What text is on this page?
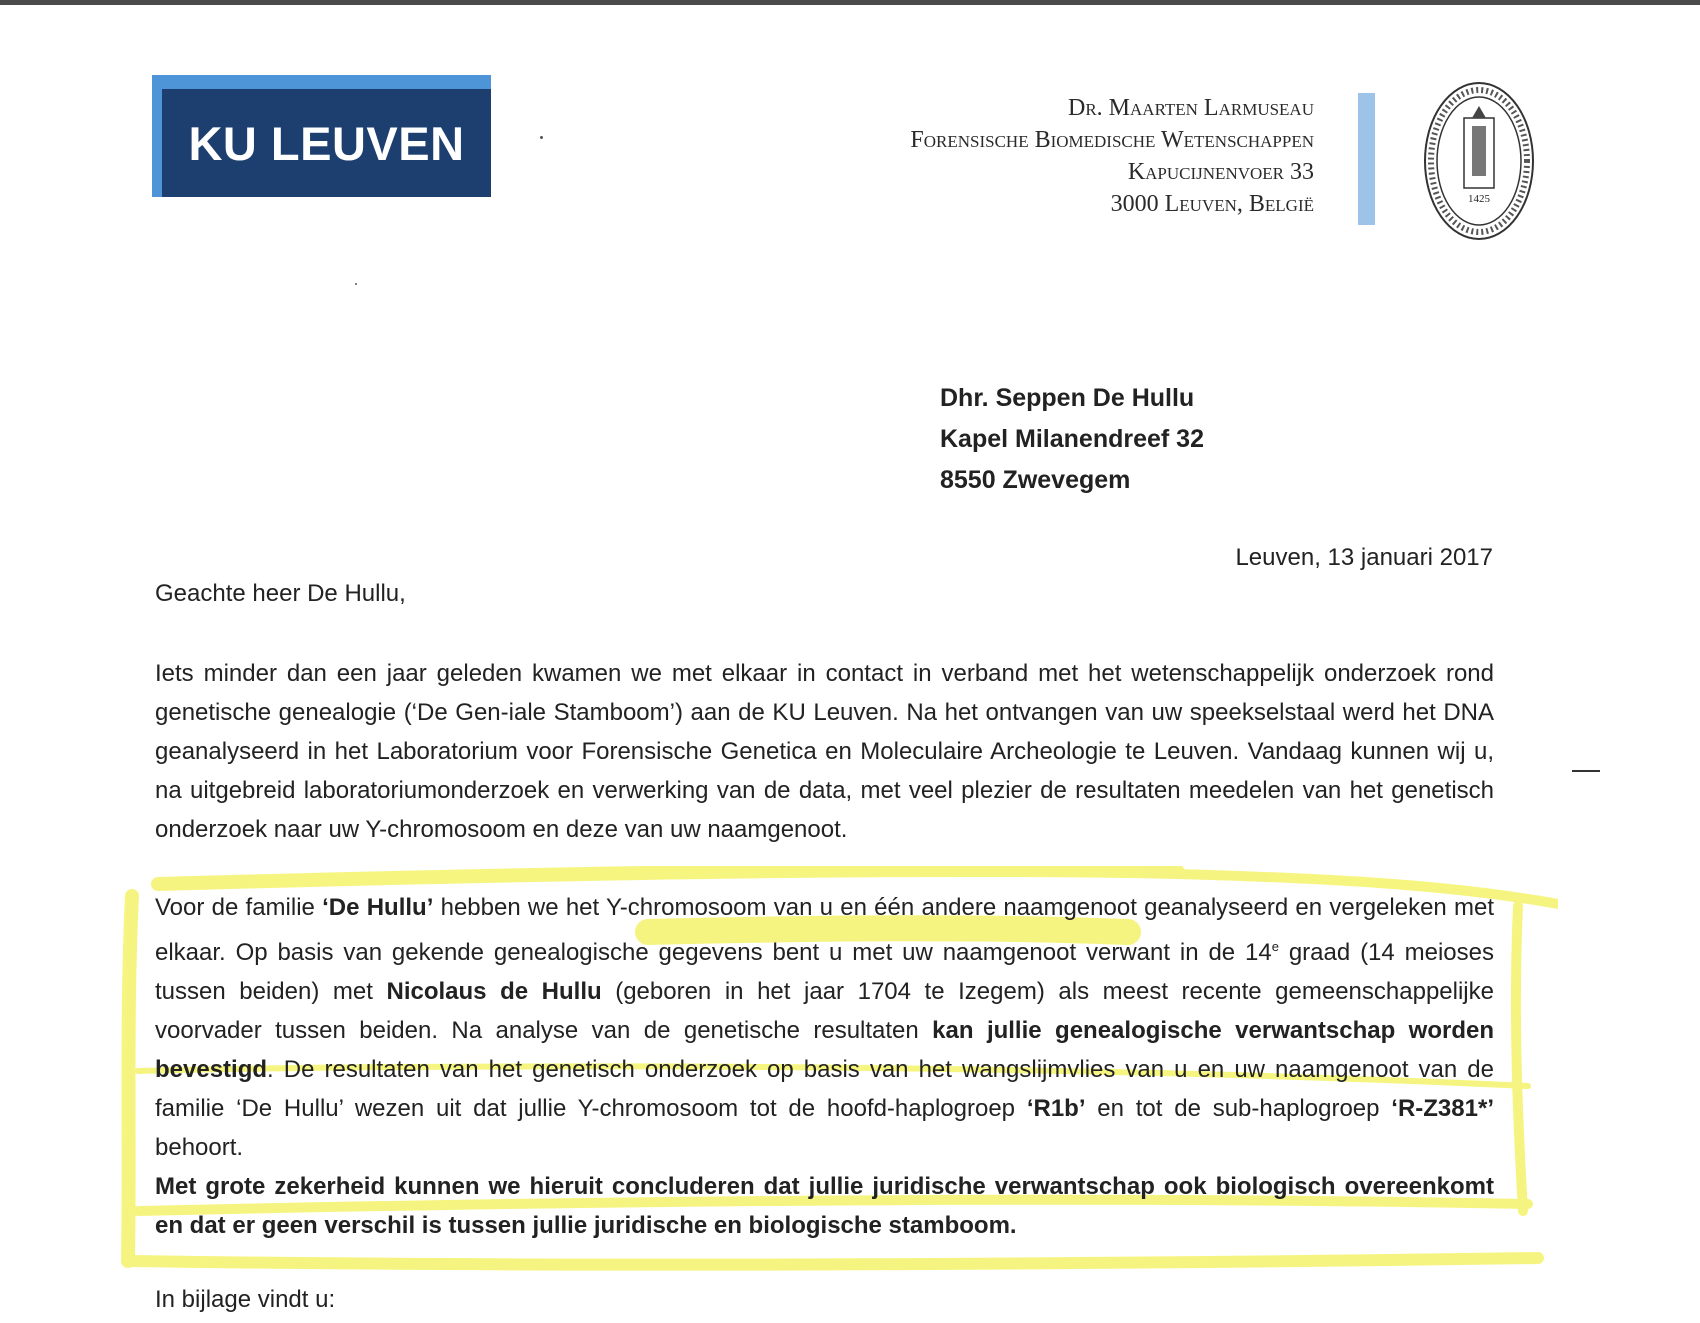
KU LEUVEN
Dr. Maarten Larmuseau
Forensische Biomedische Wetenschappen
Kapucijnenvoer 33
3000 Leuven, België	1425
Dhr. Seppen De Hullu
Kapel Milanendreef 32
8550 Zwevegem
Leuven, 13 januari 2017
Geachte heer De Hullu,
Iets minder dan een jaar geleden kwamen we met elkaar in contact in verband met het wetenschappelijk onderzoek rond genetische genealogie (‘De Gen-iale Stamboom’) aan de KU Leuven. Na het ontvangen van uw speekselstaal werd het DNA geanalyseerd in het Laboratorium voor Forensische Genetica en Moleculaire Archeologie te Leuven. Vandaag kunnen wij u, na uitgebreid laboratoriumonderzoek en verwerking van de data, met veel plezier de resultaten meedelen van het genetisch onderzoek naar uw Y-chromosoom en deze van uw naamgenoot.
Voor de familie ‘De Hullu’ hebben we het Y-chromosoom van u en één andere naamgenoot geanalyseerd en vergeleken met elkaar. Op basis van gekende genealogische gegevens bent u met uw naamgenoot verwant in de 14e graad (14 meioses tussen beiden) met Nicolaus de Hullu (geboren in het jaar 1704 te Izegem) als meest recente gemeenschappelijke voorvader tussen beiden. Na analyse van de genetische resultaten kan jullie genealogische verwantschap worden bevestigd. De resultaten van het genetisch onderzoek op basis van het wangslijmvlies van u en uw naamgenoot van de familie ‘De Hullu’ wezen uit dat jullie Y-chromosoom tot de hoofd-haplogroep ‘R1b’ en tot de sub-haplogroep ‘R-Z381*’ behoort.
Met grote zekerheid kunnen we hieruit concluderen dat jullie juridische verwantschap ook biologisch overeenkomt en dat er geen verschil is tussen jullie juridische en biologische stamboom.
In bijlage vindt u:
